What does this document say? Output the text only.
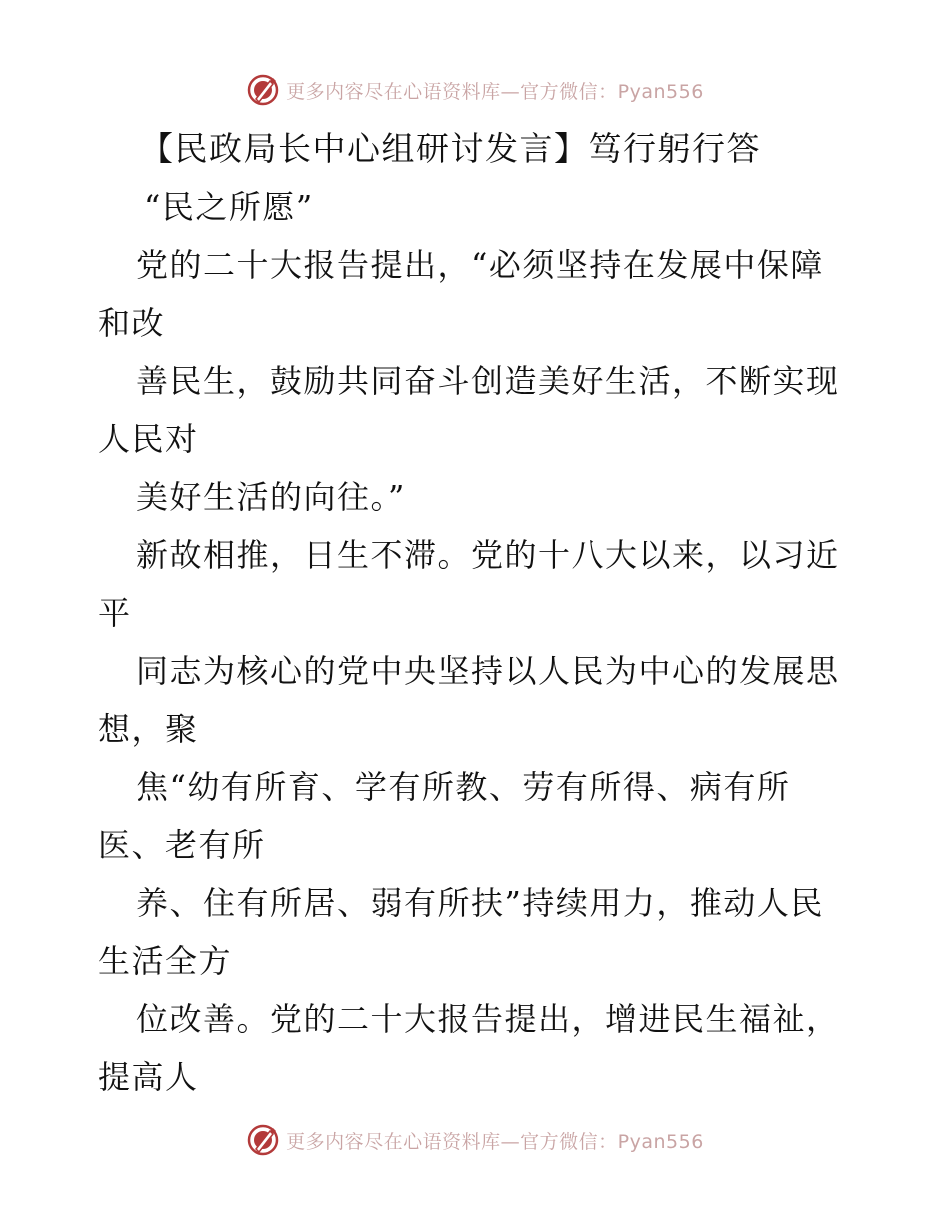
更多内容尽在心语资料库—官方微信：Pyan556
【民政局长中心组研讨发言】笃行躬行答
“民之所愿”
党的二十大报告提出，“必须坚持在发展中保障
和改
善民生，鼓励共同奋斗创造美好生活，不断实现
人民对
美好生活的向往。”
新故相推，日生不滞。党的十八大以来，以习近
平
同志为核心的党中央坚持以人民为中心的发展思
想，聚
焦“幼有所育、学有所教、劳有所得、病有所
医、老有所
养、住有所居、弱有所扶”持续用力，推动人民
生活全方
位改善。党的二十大报告提出，增进民生福祉，
提高人
更多内容尽在心语资料库—官方微信：Pyan556
